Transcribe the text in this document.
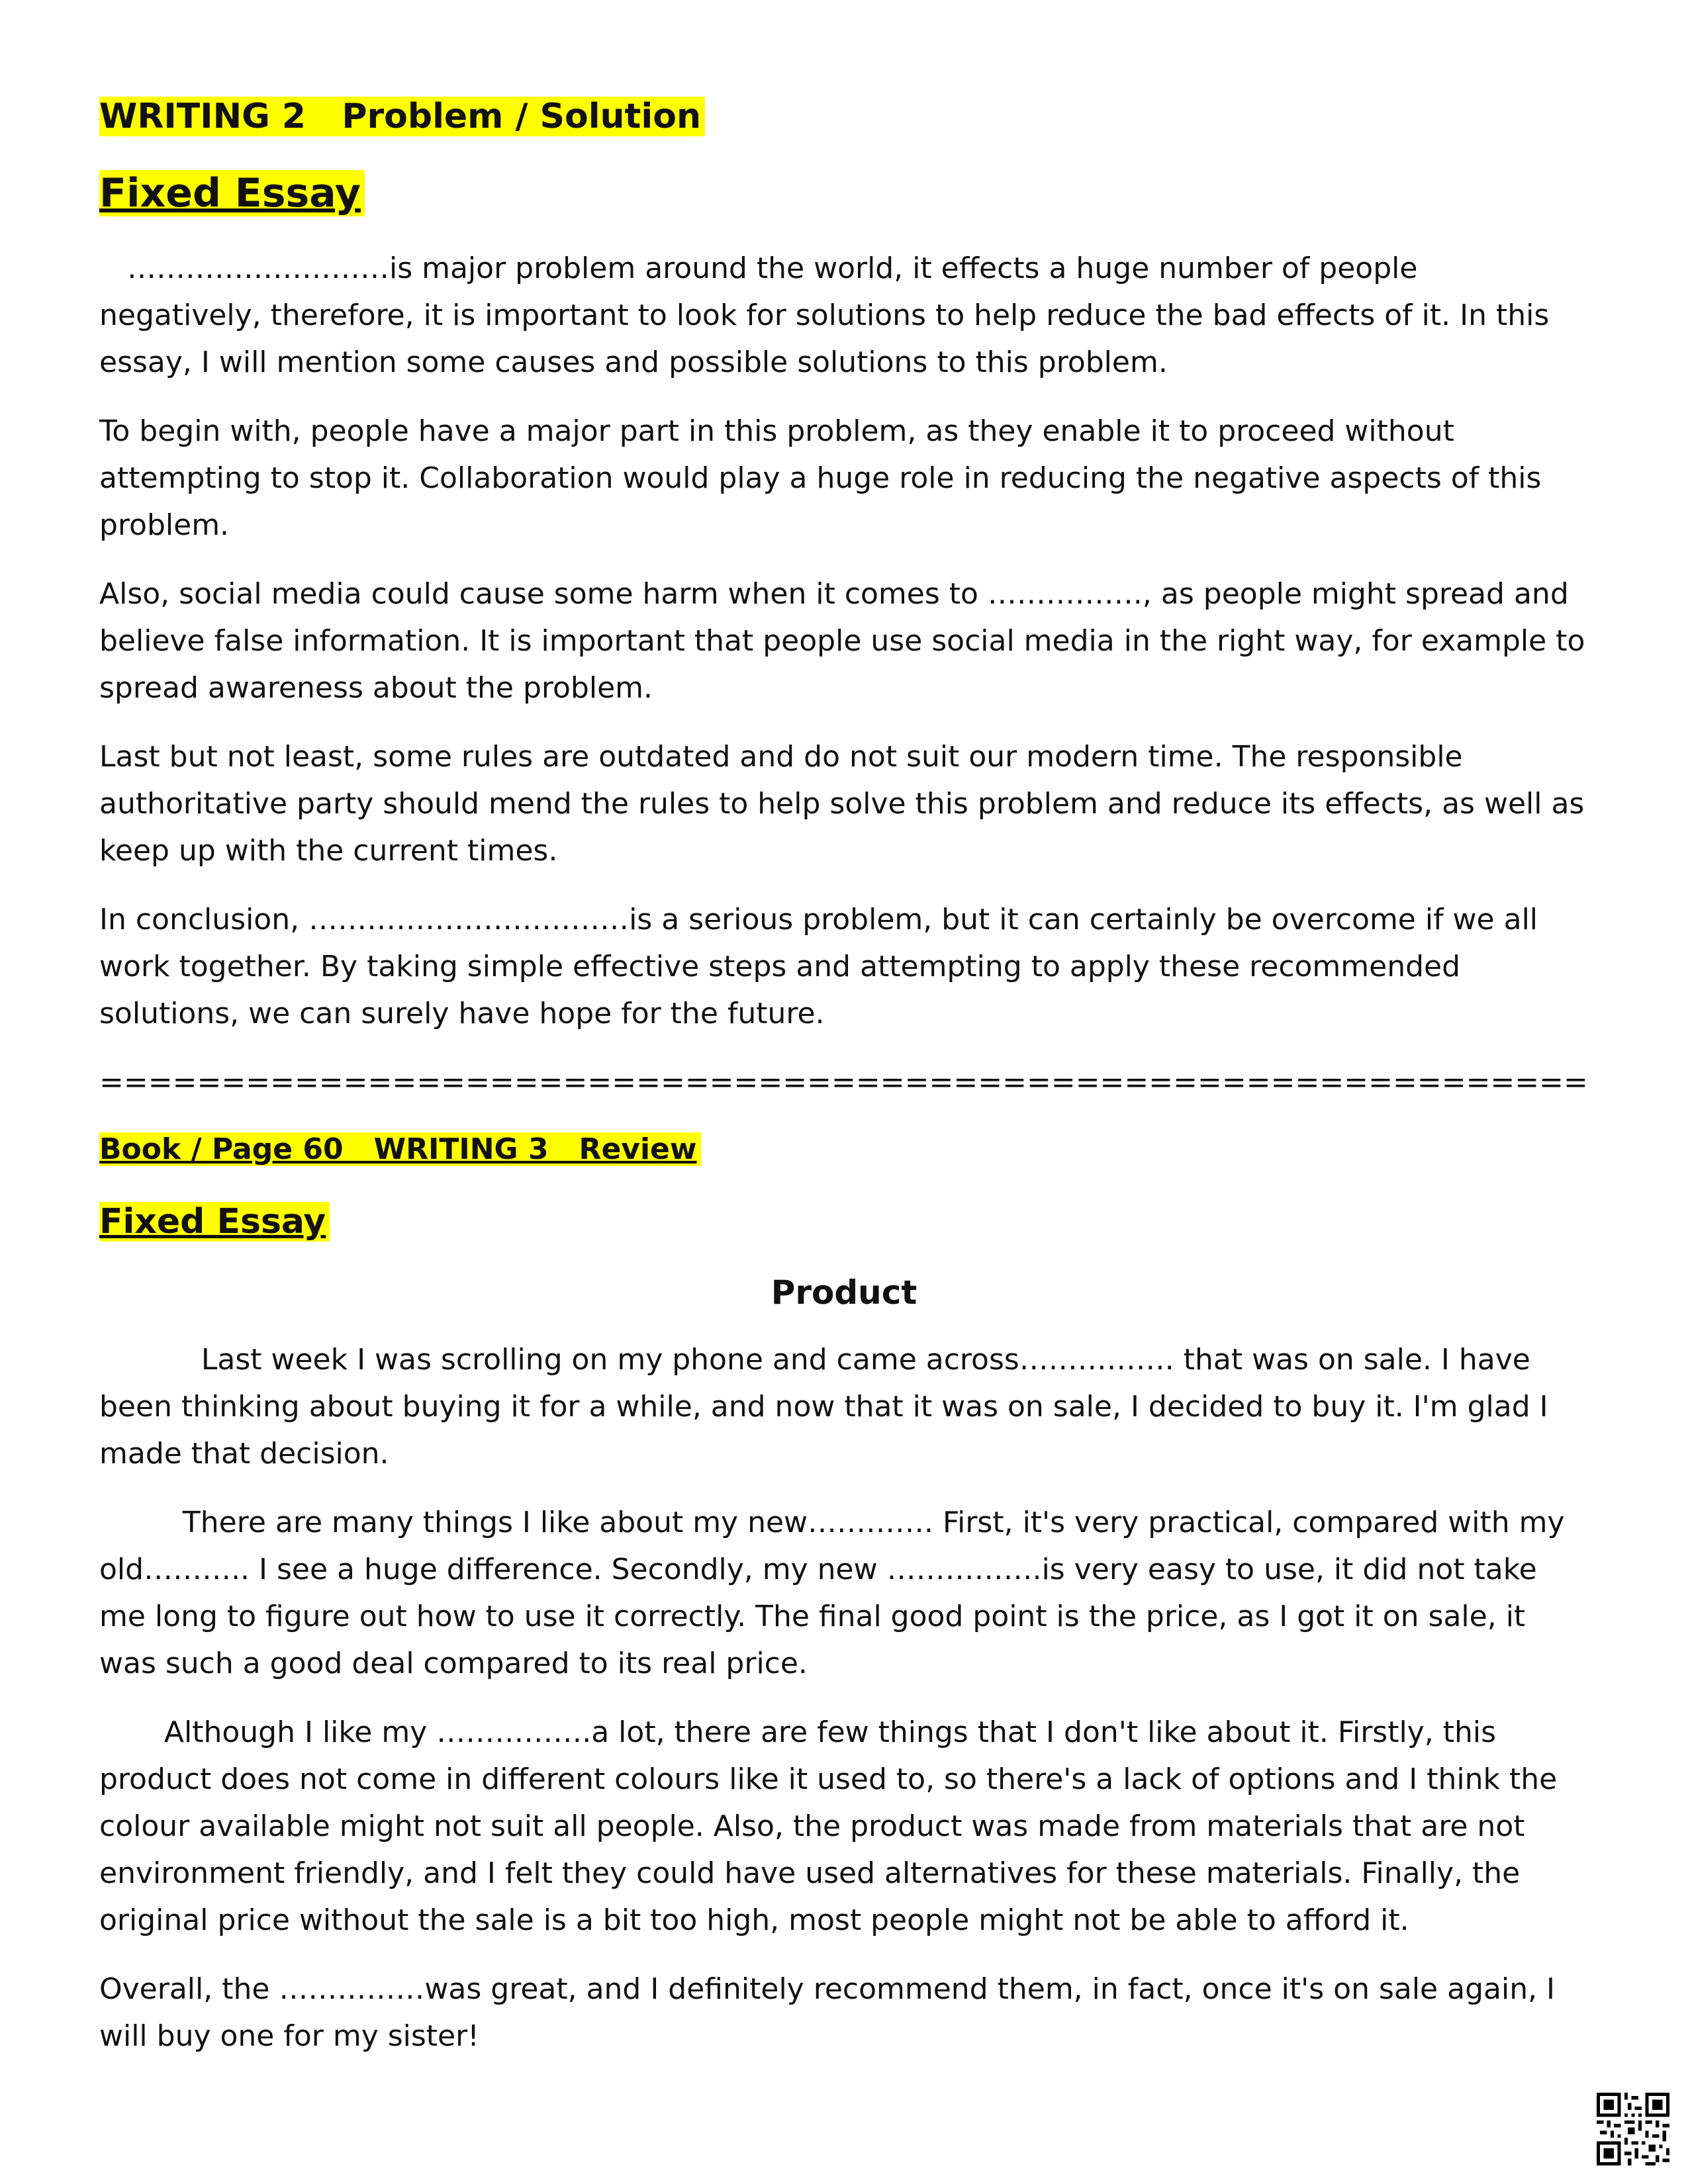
WRITING 2   Problem / Solution
Fixed Essay

………………………is major problem around the world, it effects a huge number of people negatively, therefore, it is important to look for solutions to help reduce the bad effects of it. In this essay, I will mention some causes and possible solutions to this problem.

To begin with, people have a major part in this problem, as they enable it to proceed without attempting to stop it. Collaboration would play a huge role in reducing the negative aspects of this problem.

Also, social media could cause some harm when it comes to ……………., as people might spread and believe false information. It is important that people use social media in the right way, for example to spread awareness about the problem.

Last but not least, some rules are outdated and do not suit our modern time. The responsible authoritative party should mend the rules to help solve this problem and reduce its effects, as well as keep up with the current times.

In conclusion, ……………………………is a serious problem, but it can certainly be overcome if we all work together. By taking simple effective steps and attempting to apply these recommended solutions, we can surely have hope for the future.

=============================================================
Book / Page 60   WRITING 3   Review
Fixed Essay
Product

Last week I was scrolling on my phone and came across……………. that was on sale. I have been thinking about buying it for a while, and now that it was on sale, I decided to buy it. I'm glad I made that decision.

There are many things I like about my new…………. First, it's very practical, compared with my old……….. I see a huge difference. Secondly, my new …………….is very easy to use, it did not take me long to figure out how to use it correctly. The final good point is the price, as I got it on sale, it was such a good deal compared to its real price.

Although I like my …………….a lot, there are few things that I don't like about it. Firstly, this product does not come in different colours like it used to, so there's a lack of options and I think the colour available might not suit all people. Also, the product was made from materials that are not environment friendly, and I felt they could have used alternatives for these materials. Finally, the original price without the sale is a bit too high, most people might not be able to afford it.

Overall, the ……………was great, and I definitely recommend them, in fact, once it's on sale again, I will buy one for my sister!
